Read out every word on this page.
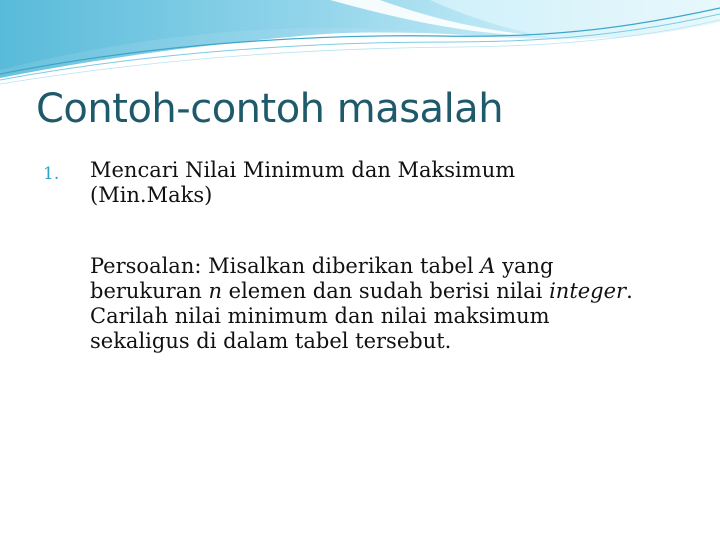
Contoh-contoh masalah
1. Mencari Nilai Minimum dan Maksimum
(Min.Maks)
Persoalan: Misalkan diberikan tabel A yang
berukuran n elemen dan sudah berisi nilai integer.
Carilah nilai minimum dan nilai maksimum
sekaligus di dalam tabel tersebut.
